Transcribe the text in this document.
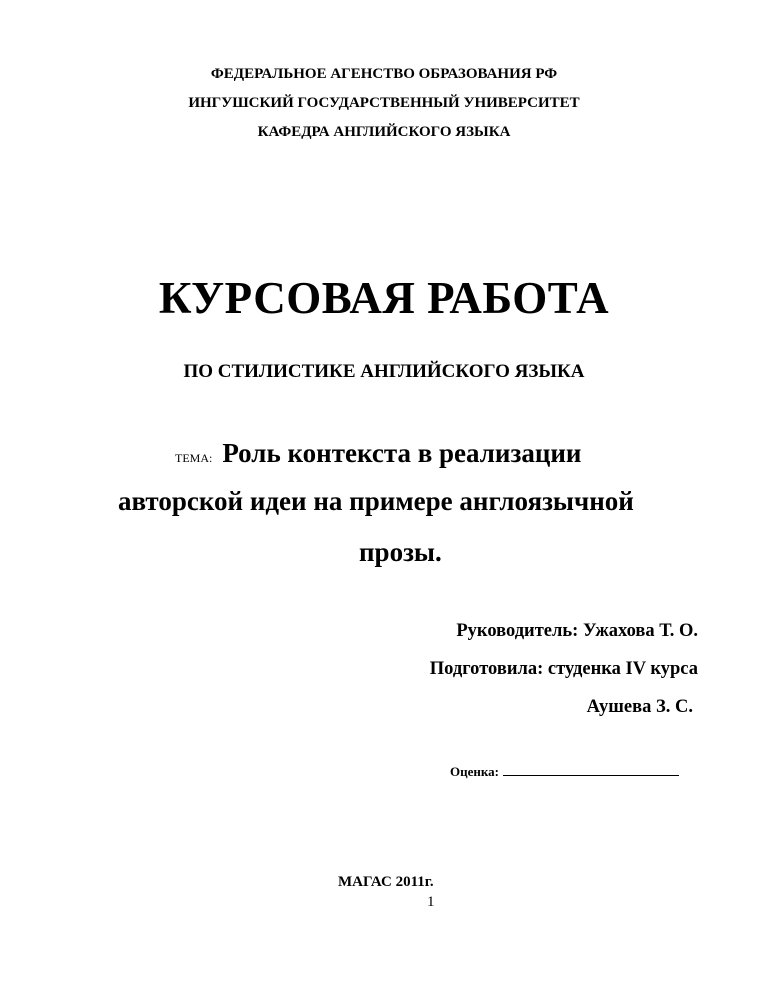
ФЕДЕРАЛЬНОЕ АГЕНСТВО ОБРАЗОВАНИЯ РФ
ИНГУШСКИЙ ГОСУДАРСТВЕННЫЙ УНИВЕРСИТЕТ
КАФЕДРА АНГЛИЙСКОГО ЯЗЫКА
КУРСОВАЯ РАБОТА
ПО СТИЛИСТИКЕ АНГЛИЙСКОГО ЯЗЫКА
ТЕМА: Роль контекста в реализации
авторской идеи на примере англоязычной
прозы.
Руководитель: Ужахова Т. О.
Подготовила: студенка IV курса
Аушева З. С.
Оценка:
МАГАС 2011г.
1
